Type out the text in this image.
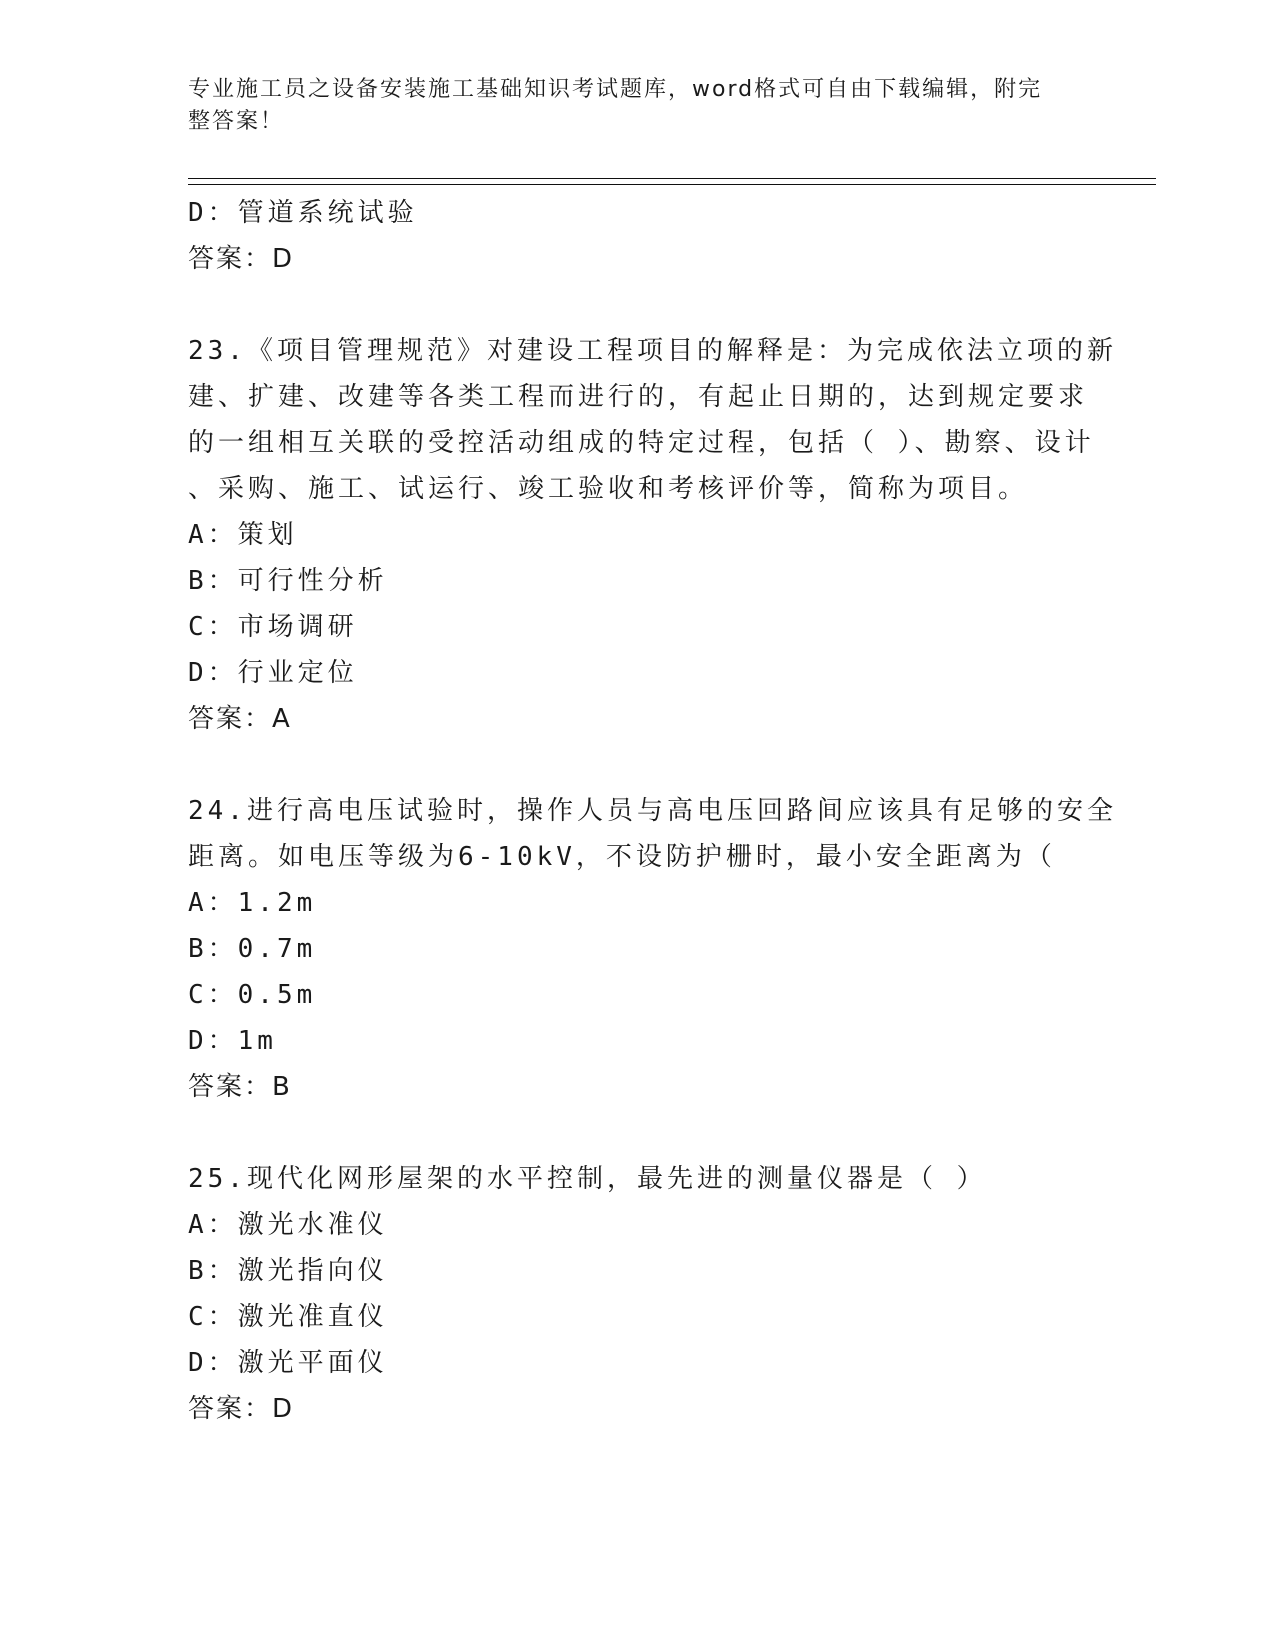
专业施工员之设备安装施工基础知识考试题库，word格式可自由下载编辑，附完
整答案！
D：管道系统试验
答案：D
23.《项目管理规范》对建设工程项目的解释是：为完成依法立项的新
建、扩建、改建等各类工程而进行的，有起止日期的，达到规定要求
的一组相互关联的受控活动组成的特定过程，包括（ ）、勘察、设计
、采购、施工、试运行、竣工验收和考核评价等，简称为项目。
A：策划
B：可行性分析
C：市场调研
D：行业定位
答案：A
24.进行高电压试验时，操作人员与高电压回路间应该具有足够的安全
距离。如电压等级为6-10kV，不设防护栅时，最小安全距离为（
A：1.2m
B：0.7m
C：0.5m
D：1m
答案：B
25.现代化网形屋架的水平控制，最先进的测量仪器是（ ）
A：激光水准仪
B：激光指向仪
C：激光准直仪
D：激光平面仪
答案：D
